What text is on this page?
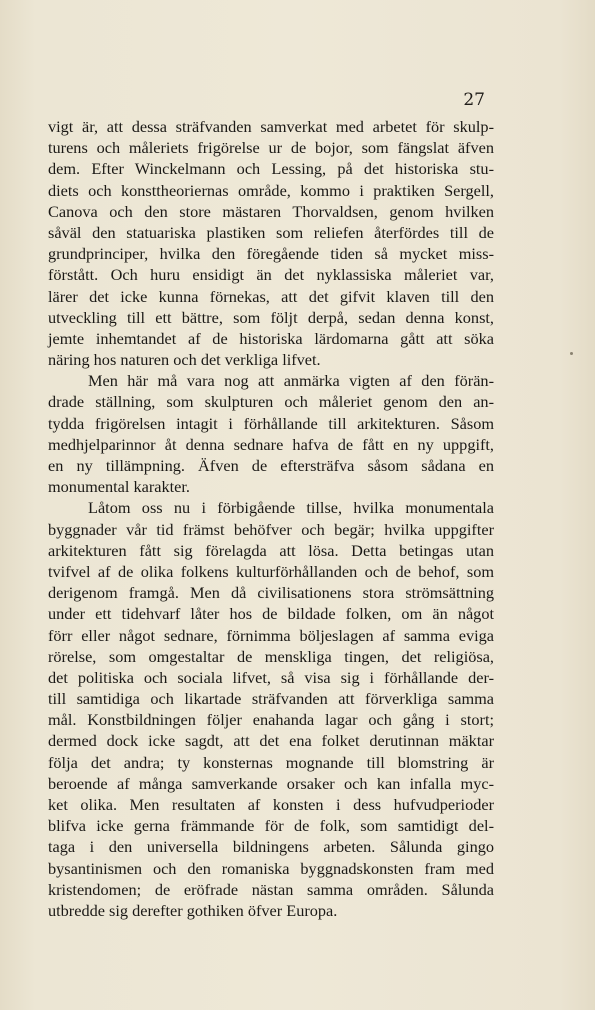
27
vigt är, att dessa sträfvanden samverkat med arbetet för skulp-
turens och måleriets frigörelse ur de bojor, som fängslat äfven
dem. Efter Winckelmann och Lessing, på det historiska stu-
diets och konsttheoriernas område, kommo i praktiken Sergell,
Canova och den store mästaren Thorvaldsen, genom hvilken
såväl den statuariska plastiken som reliefen återfördes till de
grundprinciper, hvilka den föregående tiden så mycket miss-
förstått. Och huru ensidigt än det nyklassiska måleriet var,
lärer det icke kunna förnekas, att det gifvit klaven till den
utveckling till ett bättre, som följt derpå, sedan denna konst,
jemte inhemtandet af de historiska lärdomarna gått att söka
näring hos naturen och det verkliga lifvet.
Men här må vara nog att anmärka vigten af den förän-
drade ställning, som skulpturen och måleriet genom den an-
tydda frigörelsen intagit i förhållande till arkitekturen. Såsom
medhjelparinnor åt denna sednare hafva de fått en ny uppgift,
en ny tillämpning. Äfven de eftersträfva såsom sådana en
monumental karakter.
Låtom oss nu i förbigående tillse, hvilka monumentala
byggnader vår tid främst behöfver och begär; hvilka uppgifter
arkitekturen fått sig förelagda att lösa. Detta betingas utan
tvifvel af de olika folkens kulturförhållanden och de behof, som
derigenom framgå. Men då civilisationens stora strömsättning
under ett tidehvarf låter hos de bildade folken, om än något
förr eller något sednare, förnimma böljeslagen af samma eviga
rörelse, som omgestaltar de menskliga tingen, det religiösa,
det politiska och sociala lifvet, så visa sig i förhållande der-
till samtidiga och likartade sträfvanden att förverkliga samma
mål. Konstbildningen följer enahanda lagar och gång i stort;
dermed dock icke sagdt, att det ena folket derutinnan mäktar
följa det andra; ty konsternas mognande till blomstring är
beroende af många samverkande orsaker och kan infalla myc-
ket olika. Men resultaten af konsten i dess hufvudperioder
blifva icke gerna främmande för de folk, som samtidigt del-
taga i den universella bildningens arbeten. Sålunda gingo
bysantinismen och den romaniska byggnadskonsten fram med
kristendomen; de eröfrade nästan samma områden. Sålunda
utbredde sig derefter gothiken öfver Europa.
